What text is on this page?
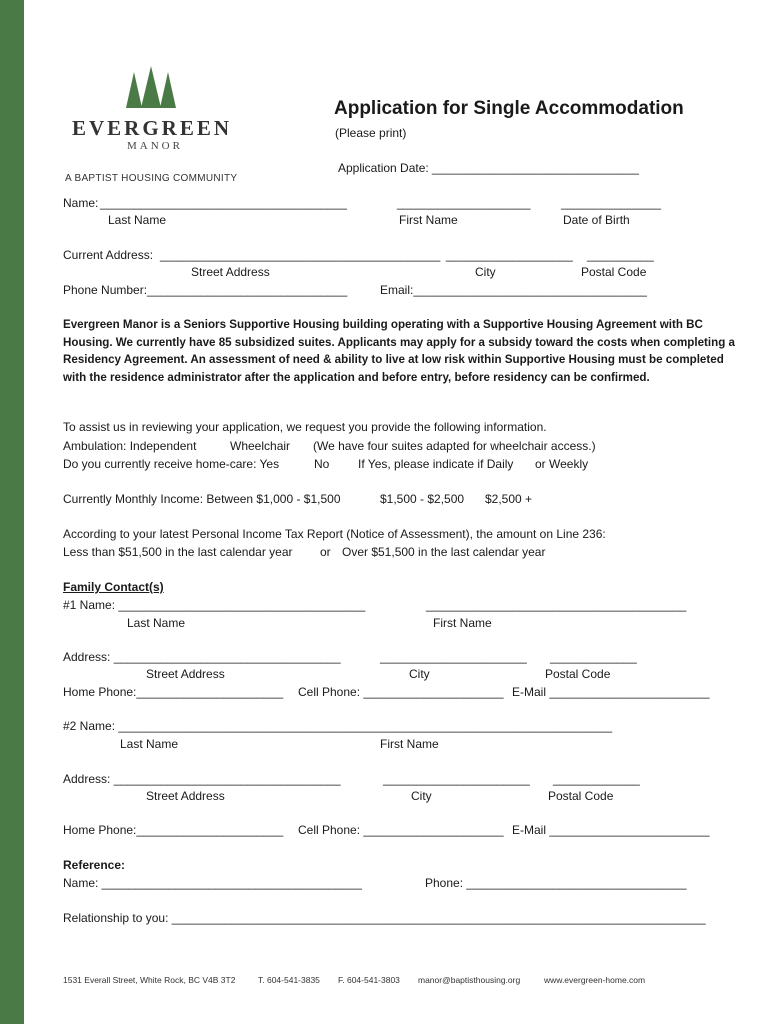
EVERGREEN
MANOR
A BAPTIST HOUSING COMMUNITY
Application for Single Accommodation
(Please print)
Application Date: _______________________________
Name: _____________________________________	____________________	_______________
Last Name	First Name	Date of Birth
Current Address: __________________________________________ ___________________ __________
Street Address	City	Postal Code
Phone Number:______________________________	Email:___________________________________
Evergreen Manor is a Seniors Supportive Housing building operating with a Supportive Housing Agreement with BC Housing. We currently have 85 subsidized suites. Applicants may apply for a subsidy toward the costs when completing a Residency Agreement. An assessment of need & ability to live at low risk within Supportive Housing must be completed with the residence administrator after the application and before entry, before residency can be confirmed.
To assist us in reviewing your application, we request you provide the following information.
Ambulation: Independent	Wheelchair (We have four suites adapted for wheelchair access.)
Do you currently receive home-care: Yes	No If Yes, please indicate if Daily or Weekly
Currently Monthly Income: Between $1,000 - $1,500	$1,500 - $2,500 $2,500 +
According to your latest Personal Income Tax Report (Notice of Assessment), the amount on Line 236:
Less than $51,500 in the last calendar year or Over $51,500 in the last calendar year
Family Contact(s)
#1 Name: _____________________________________	_______________________________________
Last Name	First Name
Address: __________________________________	______________________ _____________
Street Address	City	Postal Code
Home Phone:______________________ Cell Phone: _____________________ E-Mail ________________________
#2 Name: __________________________________________________________________________
Last Name	First Name
Address: __________________________________	______________________ _____________
Street Address	City	Postal Code
Home Phone:______________________ Cell Phone: _____________________ E-Mail ________________________
Reference:
Name: _______________________________________	Phone: _________________________________
Relationship to you: ________________________________________________________________________________
1531 Everall Street, White Rock, BC V4B 3T2	T. 604-541-3835 F. 604-541-3803 manor@baptisthousing.org	www.evergreen-home.com
